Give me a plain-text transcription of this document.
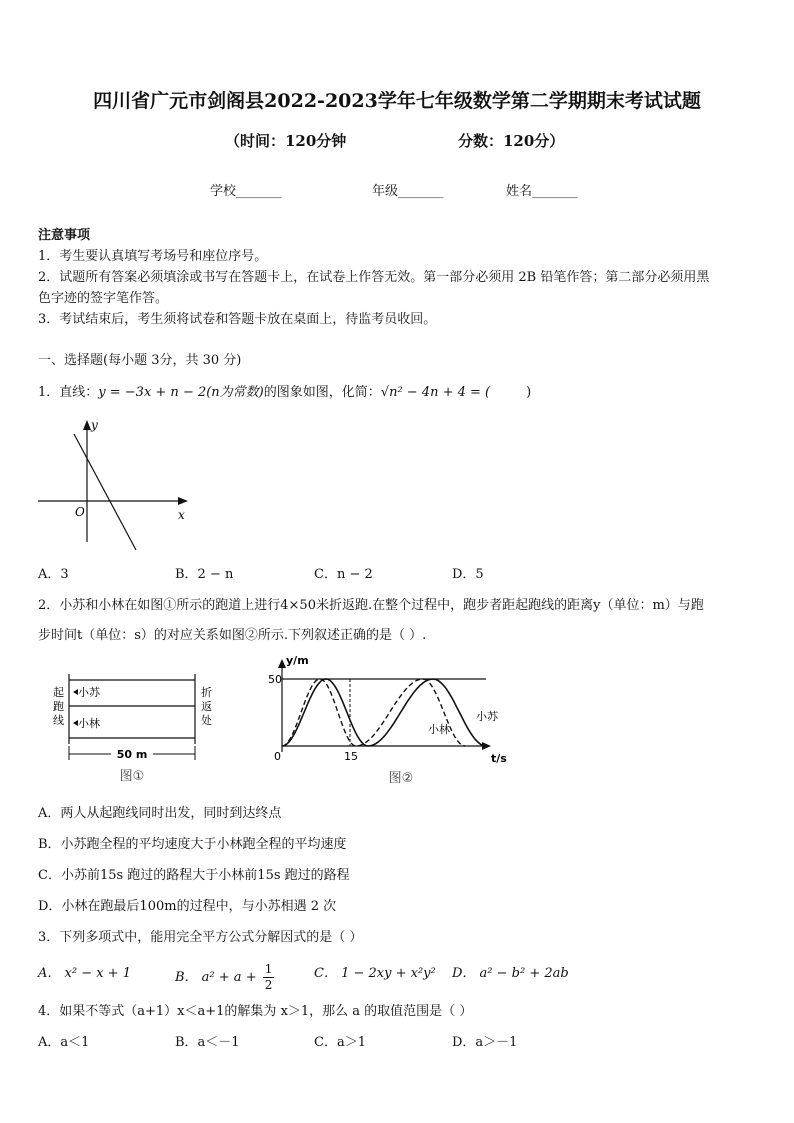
四川省广元市剑阁县2022-2023学年七年级数学第二学期期末考试试题
（时间：120分钟	分数：120分）
学校_______	年级_______	姓名_______
注意事项
1．考生要认真填写考场号和座位序号。
2．试题所有答案必须填涂或书写在答题卡上，在试卷上作答无效。第一部分必须用 2B 铅笔作答；第二部分必须用黑
色字迹的签字笔作答。
3．考试结束后，考生须将试卷和答题卡放在桌面上，待监考员收回。
一、选择题(每小题 3分，共 30 分)
1．直线：y = −3x + n − 2(n为常数)的图象如图，化简：√n² − 4n + 4 = (	)
y
x
O
A．3	B．2 − n	C．n − 2	D．5
2．小苏和小林在如图①所示的跑道上进行4×50米折返跑.在整个过程中，跑步者距起跑线的距离y（单位：m）与跑
步时间t（单位：s）的对应关系如图②所示.下列叙述正确的是（ ）.
小苏
小林
起
跑
线
折
返
处
50 m
图①
y/m
t/s
50
0	15
小林
小苏
图②
A．两人从起跑线同时出发，同时到达终点
B．小苏跑全程的平均速度大于小林跑全程的平均速度
C．小苏前15s 跑过的路程大于小林前15s 跑过的路程
D．小林在跑最后100m的过程中，与小苏相遇 2 次
3．下列多项式中，能用完全平方公式分解因式的是（ ）
A． x² − x + 1	B． $a^2 + a + \frac{1}{2}$	C． 1 − 2xy + x²y² D． a² − b² + 2ab
4．如果不等式（a+1）x＜a+1的解集为 x＞1，那么 a 的取值范围是（ ）
A．a＜1	B．a＜－1	C．a＞1	D．a＞－1
